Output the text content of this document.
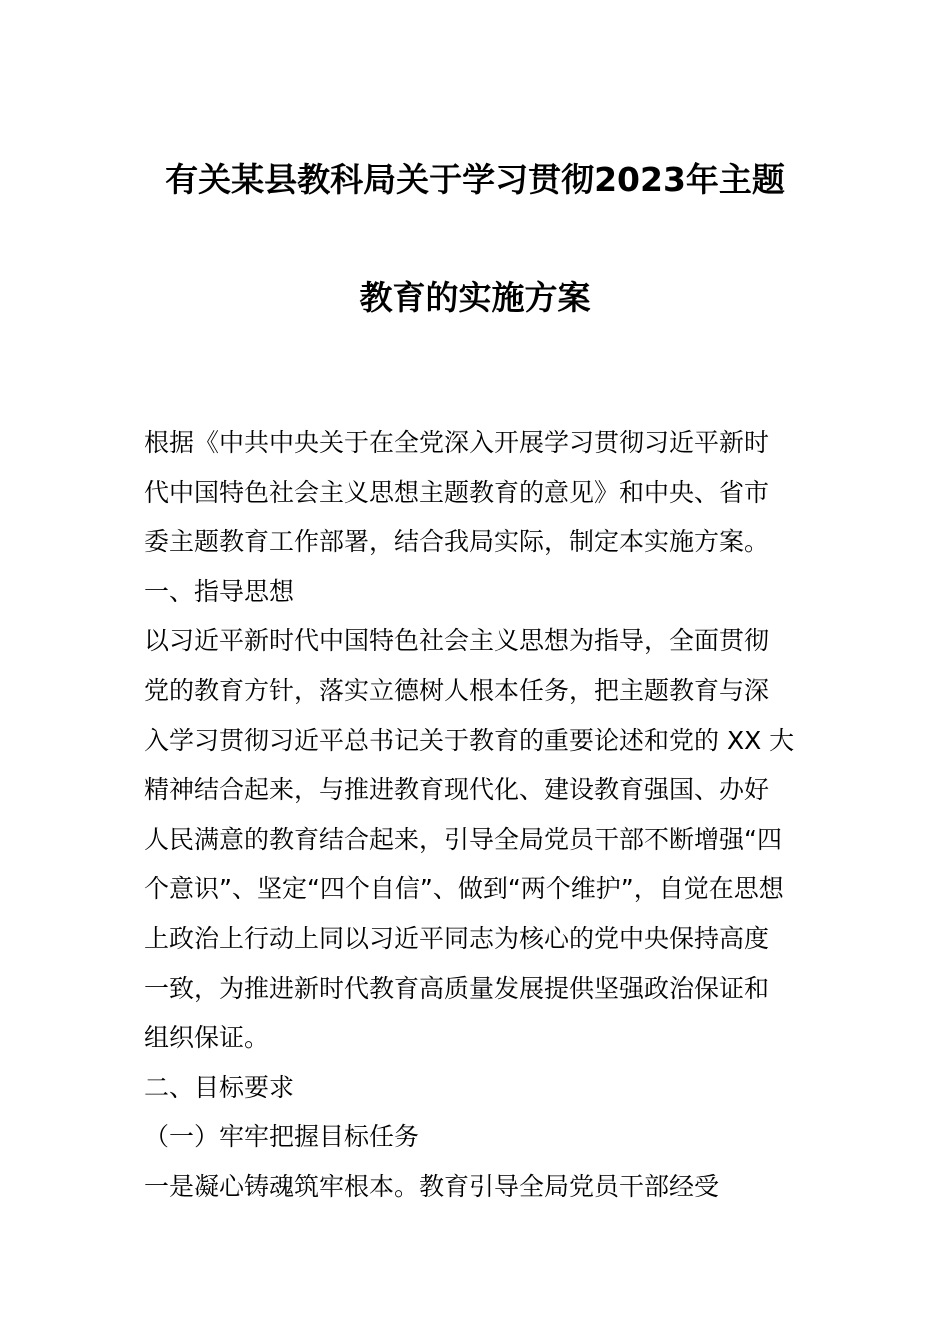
有关某县教科局关于学习贯彻2023年主题
教育的实施方案
根据《中共中央关于在全党深入开展学习贯彻习近平新时
代中国特色社会主义思想主题教育的意见》和中央、省市
委主题教育工作部署，结合我局实际，制定本实施方案。
一、指导思想
以习近平新时代中国特色社会主义思想为指导，全面贯彻
党的教育方针，落实立德树人根本任务，把主题教育与深
入学习贯彻习近平总书记关于教育的重要论述和党的 XX 大
精神结合起来，与推进教育现代化、建设教育强国、办好
人民满意的教育结合起来，引导全局党员干部不断增强“四
个意识”、坚定“四个自信”、做到“两个维护”，自觉在思想
上政治上行动上同以习近平同志为核心的党中央保持高度
一致，为推进新时代教育高质量发展提供坚强政治保证和
组织保证。
二、目标要求
（一）牢牢把握目标任务
一是凝心铸魂筑牢根本。教育引导全局党员干部经受
